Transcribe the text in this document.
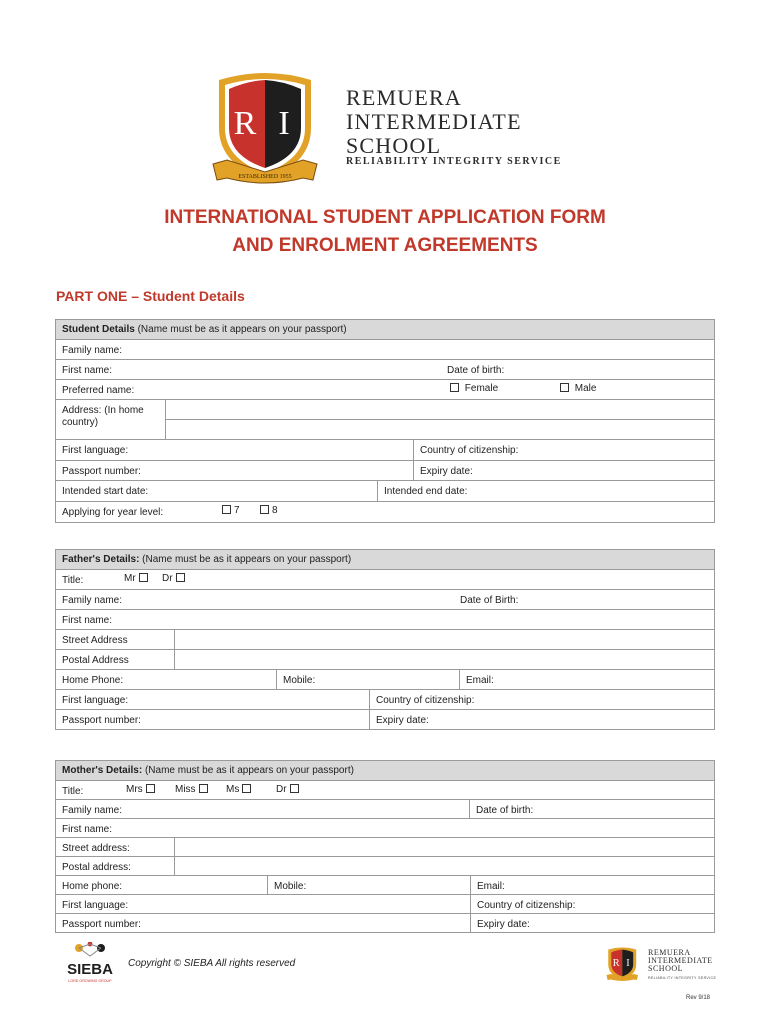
R I
ESTABLISHED 1955
REMUERA
INTERMEDIATE
SCHOOL
RELIABILITY INTEGRITY SERVICE
INTERNATIONAL STUDENT APPLICATION FORM
AND ENROLMENT AGREEMENTS
PART ONE – Student Details
Student Details (Name must be as it appears on your passport)
Family name:
First name:	Date of birth:
Preferred name:	Female	Male
Address: (In home country)
First language:	Country of citizenship:
Passport number:	Expiry date:
Intended start date:	Intended end date:
Applying for year level:	7	8
Father's Details: (Name must be as it appears on your passport)
Title:	Mr	Dr
Family name:	Date of Birth:
First name:
Street Address
Postal Address
Home Phone:	Mobile:	Email:
First language:	Country of citizenship:
Passport number:	Expiry date:
Mother's Details: (Name must be as it appears on your passport)
Title:	Mrs	Miss	Ms	Dr
Family name:	Date of birth:
First name:
Street address:
Postal address:
Home phone:	Mobile:	Email:
First language:	Country of citizenship:
Passport number:	Expiry date:
SIEBA
LORD GROWING GROUP
Copyright © SIEBA All rights reserved	R I
REMUERA
INTERMEDIATE
SCHOOL
RELIABILITY INTEGRITY SERVICE
Rev 9/18
